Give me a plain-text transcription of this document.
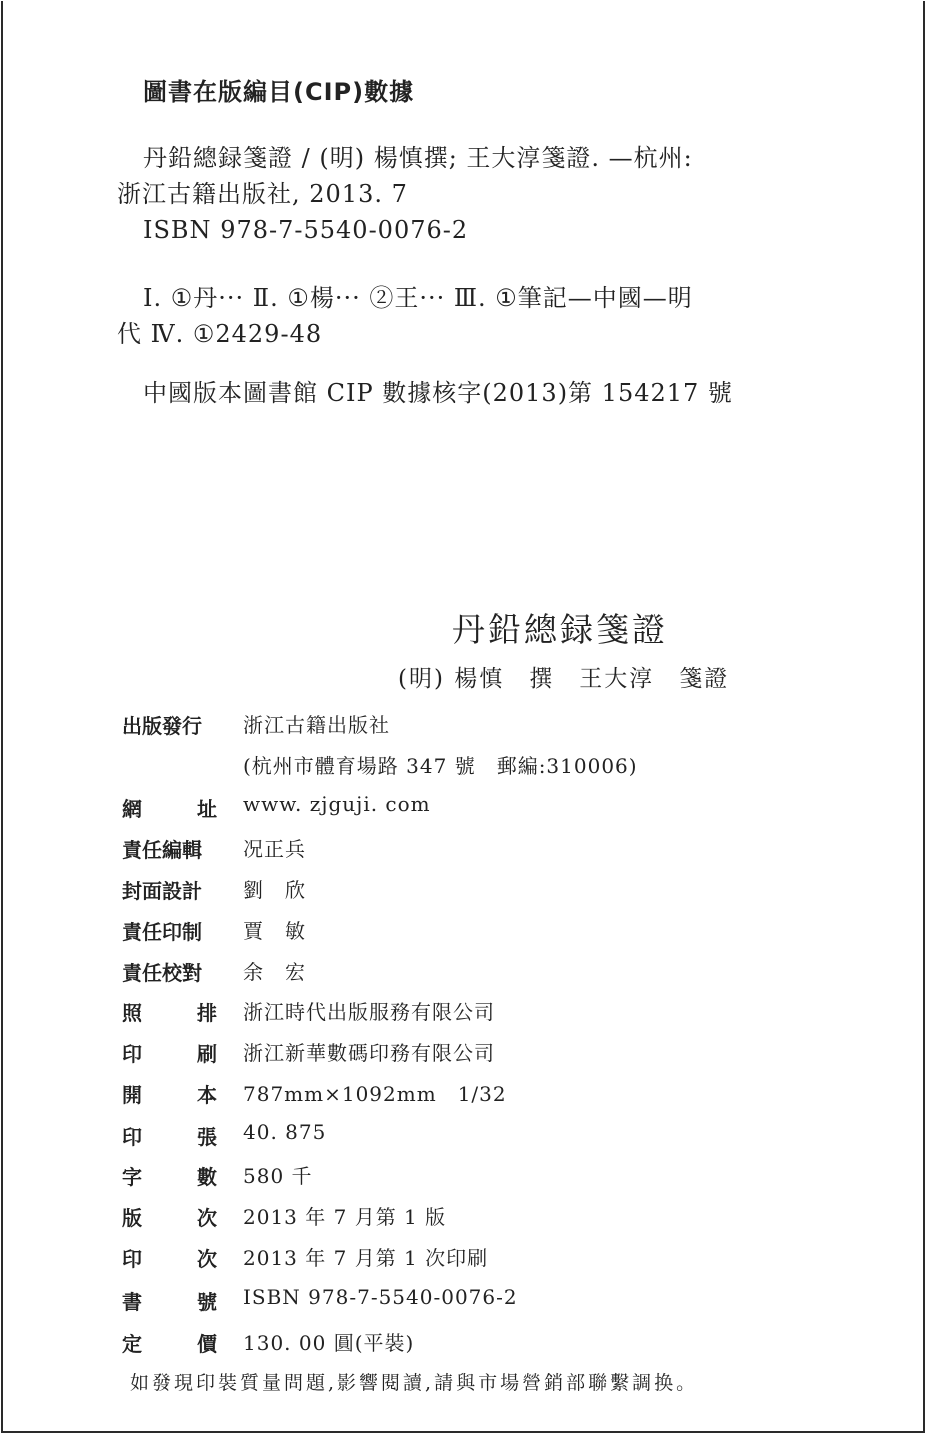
圖書在版編目(CIP)數據
丹鉛總録箋證 / (明) 楊慎撰; 王大淳箋證. —杭州:
浙江古籍出版社, 2013. 7
ISBN 978-7-5540-0076-2
Ⅰ. ①丹··· Ⅱ. ①楊··· ②王··· Ⅲ. ①筆記—中國—明
代 Ⅳ. ①2429-48
中國版本圖書館 CIP 數據核字(2013)第 154217 號
丹鉛總録箋證
(明) 楊慎　撰　王大淳　箋證
出版發行	浙江古籍出版社
(杭州市體育場路 347 號　郵編:310006)
網	址 www. zjguji. com
責任編輯	况正兵
封面設計	劉　欣
責任印制	賈　敏
責任校對	余　宏
照	排 浙江時代出版服務有限公司
印	刷 浙江新華數碼印務有限公司
開	本 787mm×1092mm　1/32
印	張 40. 875
字	數 580 千
版	次 2013 年 7 月第 1 版
印	次 2013 年 7 月第 1 次印刷
書	號 ISBN 978-7-5540-0076-2
定	價 130. 00 圓(平裝)
如發現印裝質量問題,影響閱讀,請與市場營銷部聯繫調换。
